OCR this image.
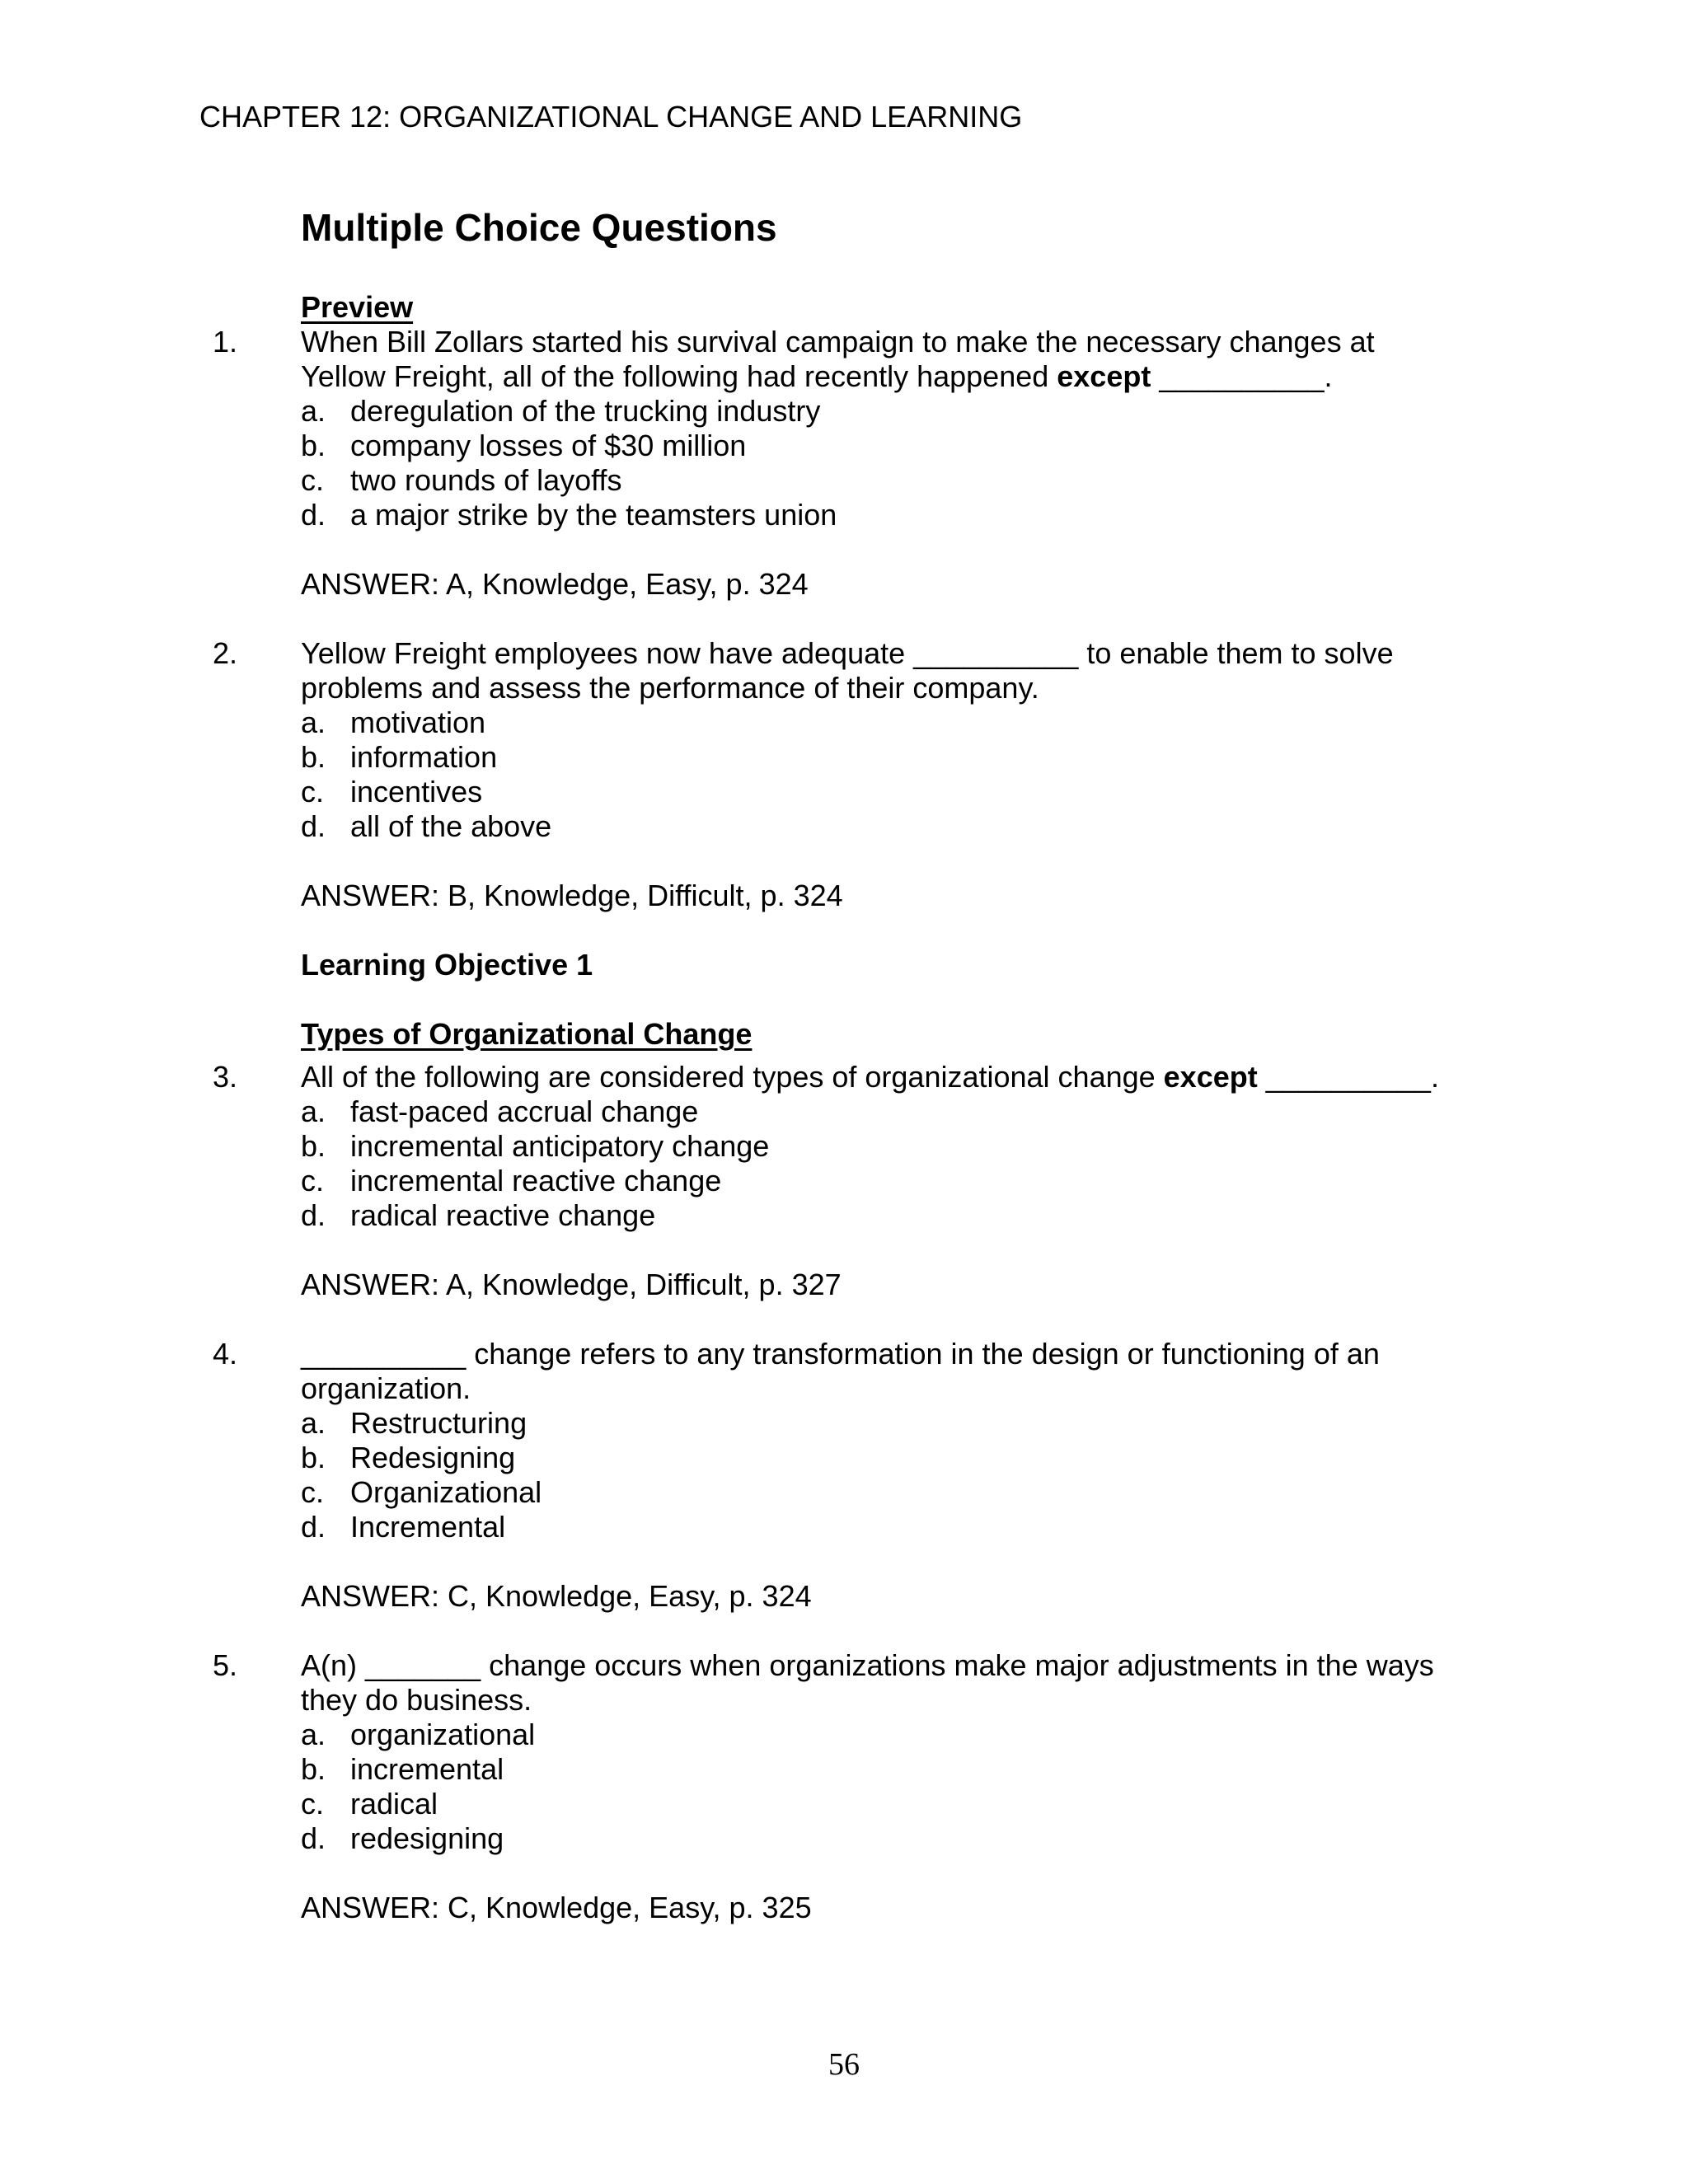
CHAPTER 12: ORGANIZATIONAL CHANGE AND LEARNING
Multiple Choice Questions
Preview
1. When Bill Zollars started his survival campaign to make the necessary changes at
Yellow Freight, all of the following had recently happened except __________.
a. deregulation of the trucking industry
b. company losses of $30 million
c. two rounds of layoffs
d. a major strike by the teamsters union
ANSWER: A, Knowledge, Easy, p. 324
2. Yellow Freight employees now have adequate __________ to enable them to solve
problems and assess the performance of their company.
a. motivation
b. information
c. incentives
d. all of the above
ANSWER: B, Knowledge, Difficult, p. 324
Learning Objective 1
Types of Organizational Change
3. All of the following are considered types of organizational change except __________.
a. fast-paced accrual change
b. incremental anticipatory change
c. incremental reactive change
d. radical reactive change
ANSWER: A, Knowledge, Difficult, p. 327
4. __________ change refers to any transformation in the design or functioning of an
organization.
a. Restructuring
b. Redesigning
c. Organizational
d. Incremental
ANSWER: C, Knowledge, Easy, p. 324
5. A(n) _______ change occurs when organizations make major adjustments in the ways
they do business.
a. organizational
b. incremental
c. radical
d. redesigning
ANSWER: C, Knowledge, Easy, p. 325
56
